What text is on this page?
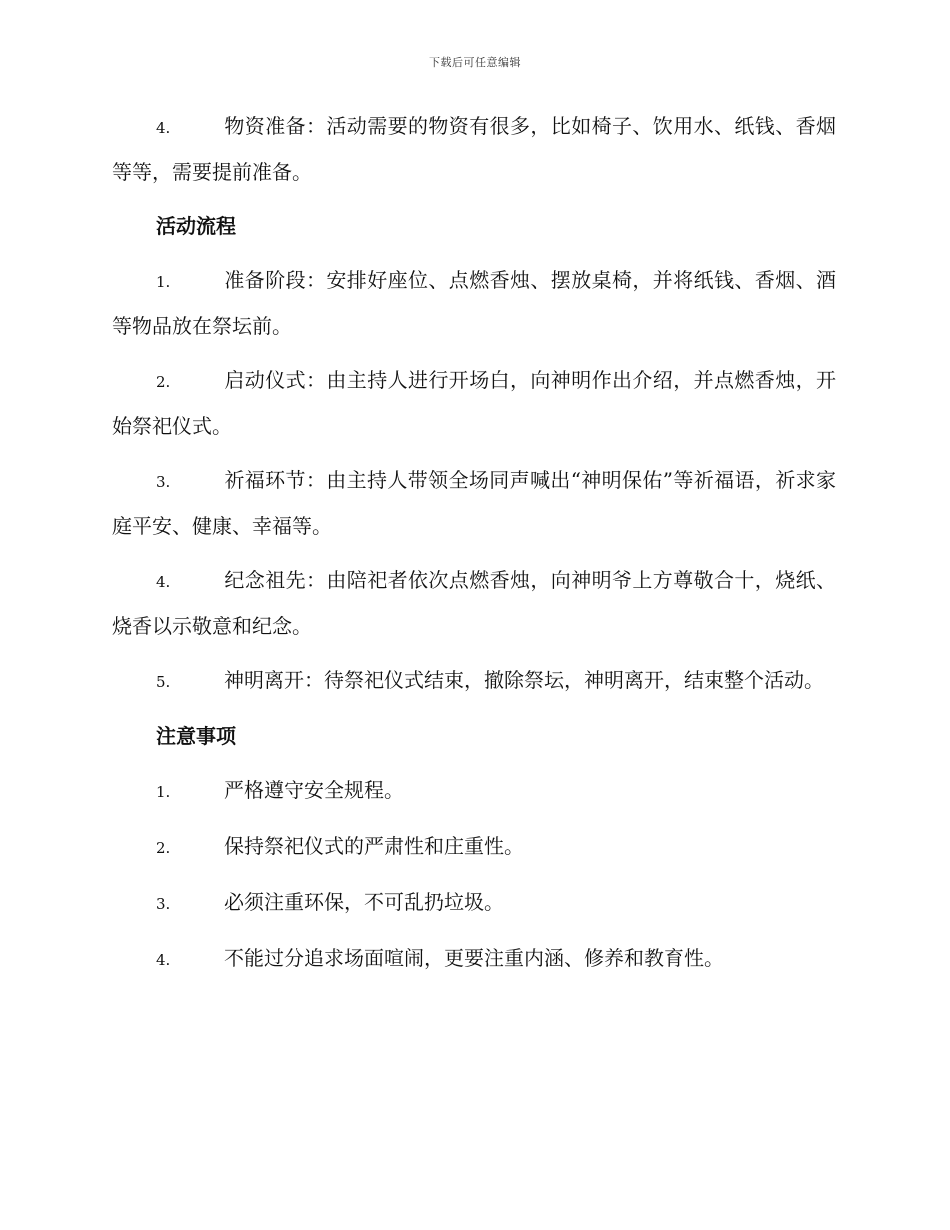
下载后可任意编辑

4.	物资准备：活动需要的物资有很多，比如椅子、饮用水、纸钱、香烟等等，需要提前准备。

活动流程

1.	准备阶段：安排好座位、点燃香烛、摆放桌椅，并将纸钱、香烟、酒等物品放在祭坛前。

2.	启动仪式：由主持人进行开场白，向神明作出介绍，并点燃香烛，开始祭祀仪式。

3.	祈福环节：由主持人带领全场同声喊出“神明保佑”等祈福语，祈求家庭平安、健康、幸福等。

4.	纪念祖先：由陪祀者依次点燃香烛，向神明爷上方尊敬合十，烧纸、烧香以示敬意和纪念。

5.	神明离开：待祭祀仪式结束，撤除祭坛，神明离开，结束整个活动。

注意事项

1.	严格遵守安全规程。

2.	保持祭祀仪式的严肃性和庄重性。

3.	必须注重环保，不可乱扔垃圾。

4.	不能过分追求场面喧闹，更要注重内涵、修养和教育性。
